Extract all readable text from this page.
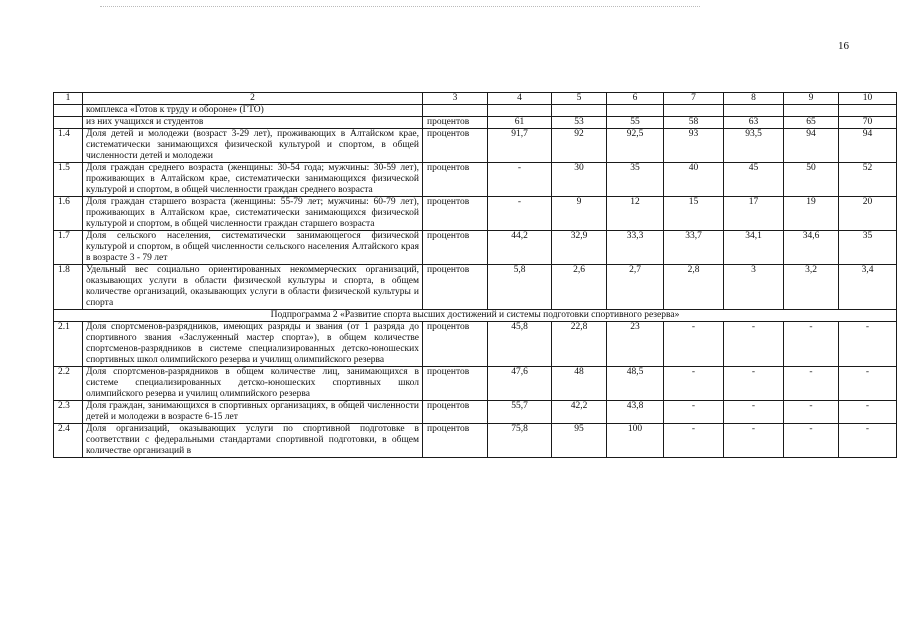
16
1	2	3	4	5	6	7	8	9	10
	комплекса «Готов к труду и обороне» (ГТО)								
	из них учащихся и студентов	процентов	61	53	55	58	63	65	70
1.4	Доля детей и молодежи (возраст 3-29 лет), проживающих в Алтайском крае, систематически занимающихся физической культурой и спортом, в общей численности детей и молодежи	процентов	91,7	92	92,5	93	93,5	94	94
1.5	Доля граждан среднего возраста (женщины: 30-54 года; мужчины: 30-59 лет), проживающих в Алтайском крае, систематически занимающихся физической культурой и спортом, в общей численности граждан среднего возраста	процентов	-	30	35	40	45	50	52
1.6	Доля граждан старшего возраста (женщины: 55-79 лет; мужчины: 60-79 лет), проживающих в Алтайском крае, систематически занимающихся физической культурой и спортом, в общей численности граждан старшего возраста	процентов	-	9	12	15	17	19	20
1.7	Доля сельского населения, систематически занимающегося физической культурой и спортом, в общей численности сельского населения Алтайского края в возрасте 3 - 79 лет	процентов	44,2	32,9	33,3	33,7	34,1	34,6	35
1.8	Удельный вес социально ориентированных некоммерческих организаций, оказывающих услуги в области физической культуры и спорта, в общем количестве организаций, оказывающих услуги в области физической культуры и спорта	процентов	5,8	2,6	2,7	2,8	3	3,2	3,4
Подпрограмма 2 «Развитие спорта высших достижений и системы подготовки спортивного резерва»									
2.1	Доля спортсменов-разрядников, имеющих разряды и звания (от 1 разряда до спортивного звания «Заслуженный мастер спорта»), в общем количестве спортсменов-разрядников в системе специализированных детско-юношеских спортивных школ олимпийского резерва и училищ олимпийского резерва	процентов	45,8	22,8	23	-	-	-	-
2.2	Доля спортсменов-разрядников в общем количестве лиц, занимающихся в системе специализированных детско-юношеских спортивных школ олимпийского резерва и училищ олимпийского резерва	процентов	47,6	48	48,5	-	-	-	-
2.3	Доля граждан, занимающихся в спортивных организациях, в общей численности детей и молодежи в возрасте 6-15 лет	процентов	55,7	42,2	43,8	-	-	-	-
2.4	Доля организаций, оказывающих услуги по спортивной подготовке в соответствии с федеральными стандартами спортивной подготовки, в общем количестве организаций в	процентов	75,8	95	100	-	-	-	-
